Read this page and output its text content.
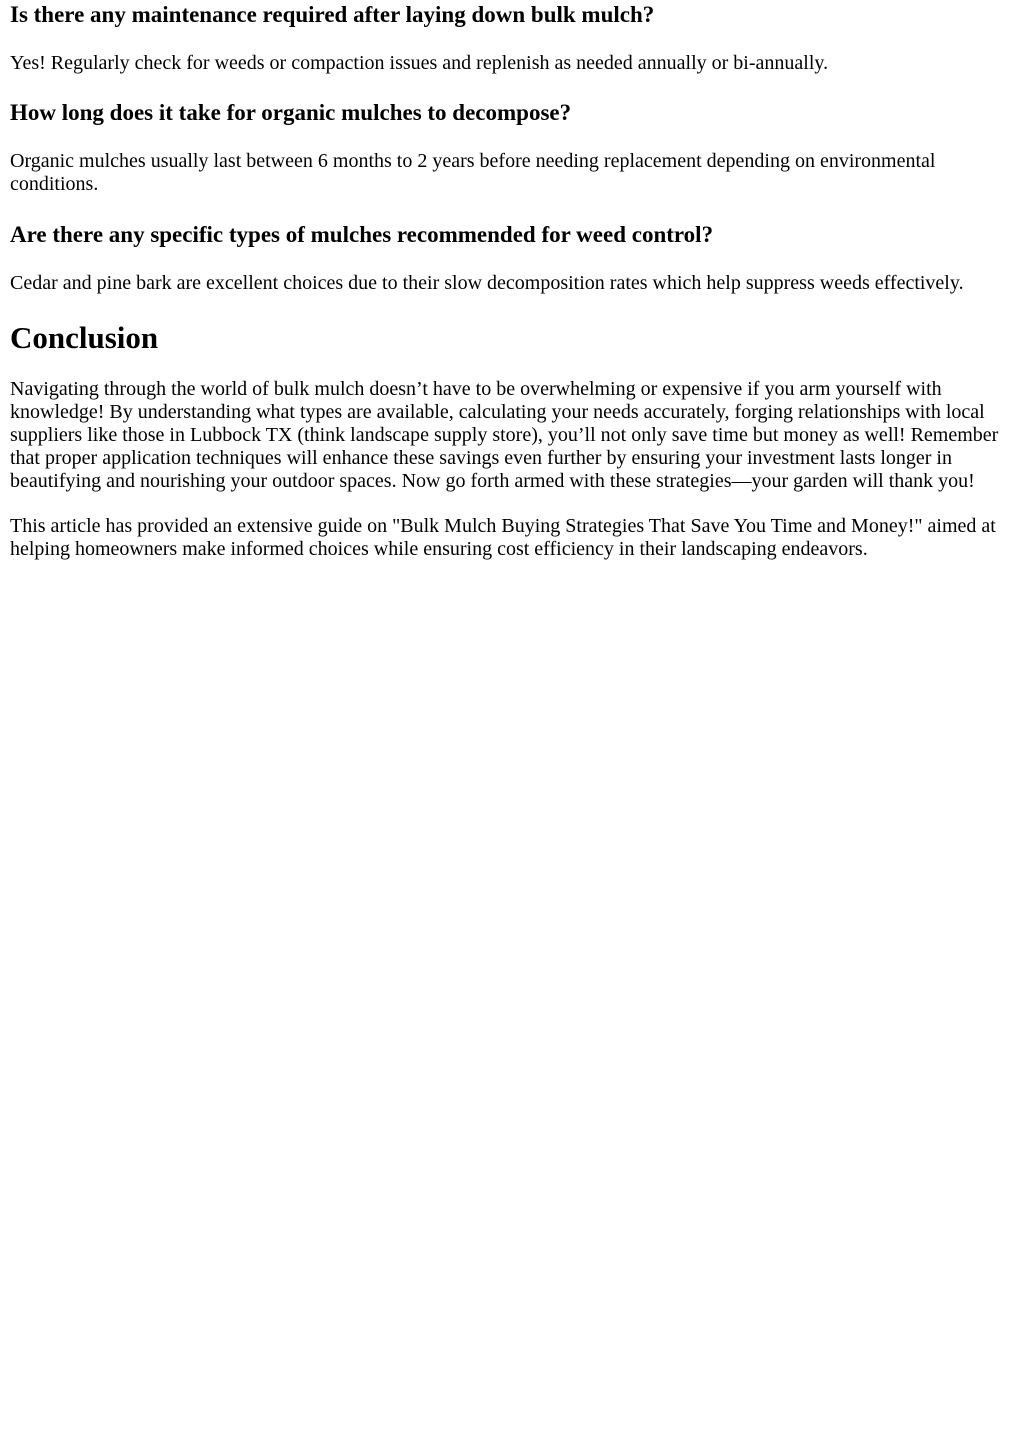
Is there any maintenance required after laying down bulk mulch?

Yes! Regularly check for weeds or compaction issues and replenish as needed annually or bi-annually.

How long does it take for organic mulches to decompose?

Organic mulches usually last between 6 months to 2 years before needing replacement depending on environmental conditions.

Are there any specific types of mulches recommended for weed control?

Cedar and pine bark are excellent choices due to their slow decomposition rates which help suppress weeds effectively.

Conclusion

Navigating through the world of bulk mulch doesn’t have to be overwhelming or expensive if you arm yourself with knowledge! By understanding what types are available, calculating your needs accurately, forging relationships with local suppliers like those in Lubbock TX (think landscape supply store), you’ll not only save time but money as well! Remember that proper application techniques will enhance these savings even further by ensuring your investment lasts longer in beautifying and nourishing your outdoor spaces. Now go forth armed with these strategies—your garden will thank you!

This article has provided an extensive guide on "Bulk Mulch Buying Strategies That Save You Time and Money!" aimed at helping homeowners make informed choices while ensuring cost efficiency in their landscaping endeavors.
